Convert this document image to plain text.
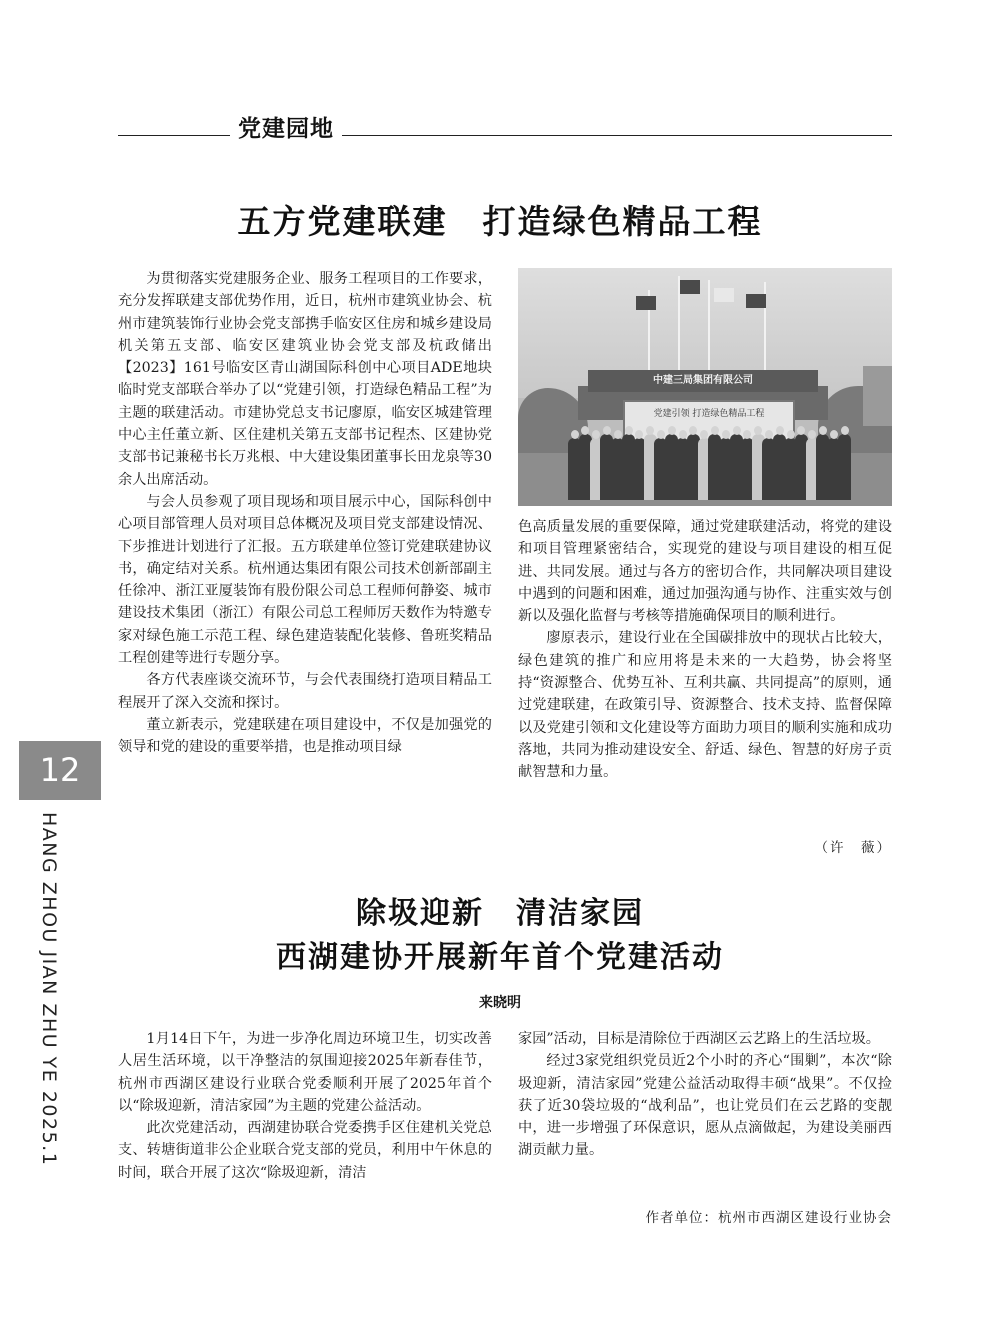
党建园地
五方党建联建　打造绿色精品工程

为贯彻落实党建服务企业、服务工程项目的工作要求，充分发挥联建支部优势作用，近日，杭州市建筑业协会、杭州市建筑装饰行业协会党支部携手临安区住房和城乡建设局机关第五支部、临安区建筑业协会党支部及杭政储出【2023】161号临安区青山湖国际科创中心项目ADE地块临时党支部联合举办了以“党建引领，打造绿色精品工程”为主题的联建活动。市建协党总支书记廖原，临安区城建管理中心主任董立新、区住建机关第五支部书记程杰、区建协党支部书记兼秘书长万兆根、中大建设集团董事长田龙泉等30余人出席活动。

与会人员参观了项目现场和项目展示中心，国际科创中心项目部管理人员对项目总体概况及项目党支部建设情况、下步推进计划进行了汇报。五方联建单位签订党建联建协议书，确定结对关系。杭州通达集团有限公司技术创新部副主任徐冲、浙江亚厦装饰有股份限公司总工程师何静姿、城市建设技术集团（浙江）有限公司总工程师厉天数作为特邀专家对绿色施工示范工程、绿色建造装配化装修、鲁班奖精品工程创建等进行专题分享。

各方代表座谈交流环节，与会代表围绕打造项目精品工程展开了深入交流和探讨。

董立新表示，党建联建在项目建设中，不仅是加强党的领导和党的建设的重要举措，也是推动项目绿

中建三局集团有限公司
党建引领 打造绿色精品工程

色高质量发展的重要保障，通过党建联建活动，将党的建设和项目管理紧密结合，实现党的建设与项目建设的相互促进、共同发展。通过与各方的密切合作，共同解决项目建设中遇到的问题和困难，通过加强沟通与协作、注重实效与创新以及强化监督与考核等措施确保项目的顺利进行。

廖原表示，建设行业在全国碳排放中的现状占比较大，绿色建筑的推广和应用将是未来的一大趋势，协会将坚持“资源整合、优势互补、互利共赢、共同提高”的原则，通过党建联建，在政策引导、资源整合、技术支持、监督保障以及党建引领和文化建设等方面助力项目的顺利实施和成功落地，共同为推动建设安全、舒适、绿色、智慧的好房子贡献智慧和力量。

（许　薇）
除圾迎新　清洁家园
西湖建协开展新年首个党建活动
来晓明

1月14日下午，为进一步净化周边环境卫生，切实改善人居生活环境，以干净整洁的氛围迎接2025年新春佳节，杭州市西湖区建设行业联合党委顺利开展了2025年首个以“除圾迎新，清洁家园”为主题的党建公益活动。

此次党建活动，西湖建协联合党委携手区住建机关党总支、转塘街道非公企业联合党支部的党员，利用中午休息的时间，联合开展了这次“除圾迎新，清洁

家园”活动，目标是清除位于西湖区云艺路上的生活垃圾。

经过3家党组织党员近2个小时的齐心“围剿”，本次“除圾迎新，清洁家园”党建公益活动取得丰硕“战果”。不仅捡获了近30袋垃圾的“战利品”，也让党员们在云艺路的变靓中，进一步增强了环保意识，愿从点滴做起，为建设美丽西湖贡献力量。

作者单位：杭州市西湖区建设行业协会
12
HANG ZHOU JIAN ZHU YE 2025.1
